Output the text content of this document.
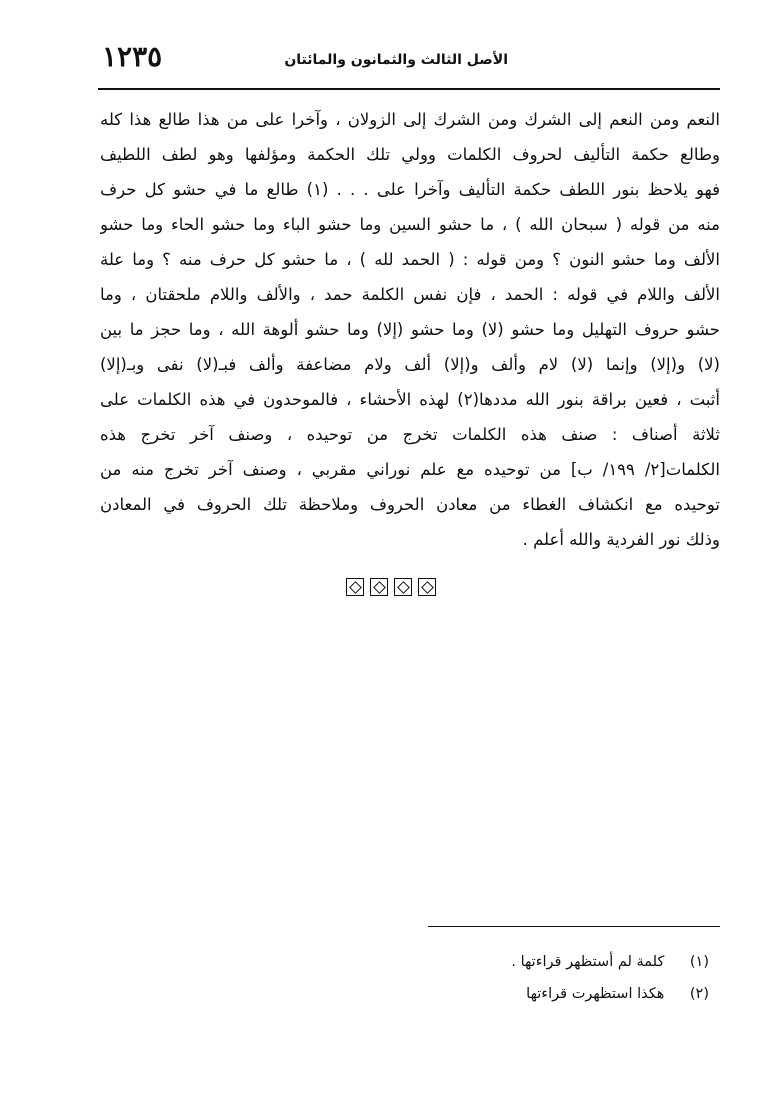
١٢٣٥	الأصل الثالث والثمانون والمائتان
النعم ومن النعم إلى الشرك ومن الشرك إلى الزولان ، وآخرا على من هذا طالع هذا كله
وطالع حكمة التأليف لحروف الكلمات وولي تلك الحكمة ومؤلفها وهو لطف اللطيف
فهو يلاحظ بنور اللطف حكمة التأليف وآخرا على . . . (١) طالع ما في حشو كل حرف
منه من قوله ( سبحان الله ) ، ما حشو السين وما حشو الباء وما حشو الحاء وما حشو
الألف وما حشو النون ؟ ومن قوله : ( الحمد لله ) ، ما حشو كل حرف منه ؟ وما علة
الألف واللام في قوله : الحمد ، فإن نفس الكلمة حمد ، والألف واللام ملحقتان ، وما
حشو حروف التهليل وما حشو (لا) وما حشو (إلا) وما حشو ألوهة الله ، وما حجز ما بين
(لا) و(إلا) وإنما (لا) لام وألف و(إلا) ألف ولام مضاعفة وألف فبـ(لا) نفى وبـ(إلا)
أثبت ، فعين براقة بنور الله مددها(٢) لهذه الأحشاء ، فالموحدون في هذه الكلمات على
ثلاثة أصناف : صنف هذه الكلمات تخرج من توحيده ، وصنف آخر تخرج هذه
الكلمات[٢/ ١٩٩/ ب] من توحيده مع علم نوراني مقربي ، وصنف آخر تخرج منه من
توحيده مع انكشاف الغطاء من معادن الحروف وملاحظة تلك الحروف في المعادن
وذلك نور الفردية والله أعلم .
(١) كلمة لم أستظهر قراءتها .
(٢) هكذا استظهرت قراءتها
